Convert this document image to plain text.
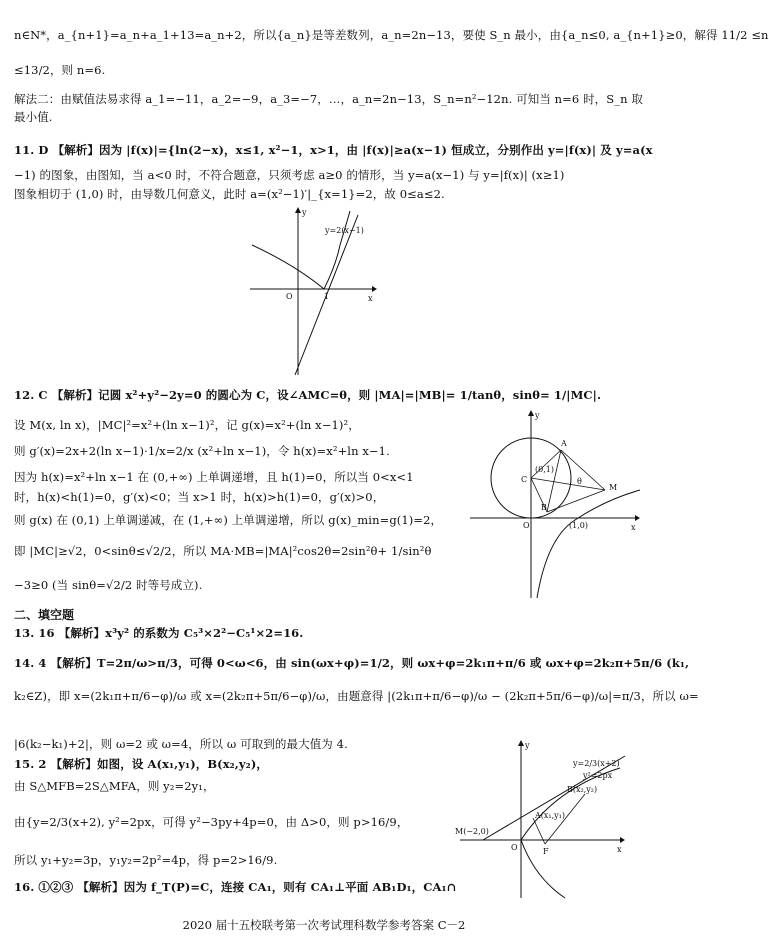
n∈N*，a_{n+1}=a_n+a_1+13=a_n+2，所以{a_n}是等差数列，a_n=2n−13，要使 S_n 最小，由{a_n≤0, a_{n+1}≥0，解得 11/2 ≤n
≤13/2，则 n=6.
解法二：由赋值法易求得 a_1=−11，a_2=−9，a_3=−7，…，a_n=2n−13，S_n=n²−12n. 可知当 n=6 时，S_n 取
最小值.
11. D 【解析】因为 |f(x)|={ln(2−x)，x≤1, x²−1，x>1，由 |f(x)|≥a(x−1) 恒成立，分别作出 y=|f(x)| 及 y=a(x
−1) 的图象，由图知，当 a<0 时，不符合题意，只须考虑 a≥0 的情形，当 y=a(x−1) 与 y=|f(x)| (x≥1)
图象相切于 (1,0) 时，由导数几何意义，此时 a=(x²−1)′|_{x=1}=2，故 0≤a≤2.
12. C 【解析】记圆 x²+y²−2y=0 的圆心为 C，设∠AMC=θ，则 |MA|=|MB|= 1/tanθ，sinθ= 1/|MC|.
设 M(x, ln x)，|MC|²=x²+(ln x−1)²，记 g(x)=x²+(ln x−1)²，
则 g′(x)=2x+2(ln x−1)·1/x=2/x (x²+ln x−1)，令 h(x)=x²+ln x−1.
因为 h(x)=x²+ln x−1 在 (0,+∞) 上单调递增，且 h(1)=0，所以当 0<x<1
时，h(x)<h(1)=0，g′(x)<0；当 x>1 时，h(x)>h(1)=0，g′(x)>0，
则 g(x) 在 (0,1) 上单调递减，在 (1,+∞) 上单调递增，所以 g(x)_min=g(1)=2，
即 |MC|≥√2，0<sinθ≤√2/2，所以 MA·MB=|MA|²cos2θ=2sin²θ+ 1/sin²θ
−3≥0 (当 sinθ=√2/2 时等号成立).
二、填空题
13. 16 【解析】x³y² 的系数为 C₅³×2²−C₅¹×2=16.
14. 4 【解析】T=2π/ω>π/3，可得 0<ω<6，由 sin(ωx+φ)=1/2，则 ωx+φ=2k₁π+π/6 或 ωx+φ=2k₂π+5π/6 (k₁,
k₂∈Z)，即 x=(2k₁π+π/6−φ)/ω 或 x=(2k₂π+5π/6−φ)/ω，由题意得 |(2k₁π+π/6−φ)/ω − (2k₂π+5π/6−φ)/ω|=π/3，所以 ω=
|6(k₂−k₁)+2|，则 ω=2 或 ω=4，所以 ω 可取到的最大值为 4.
15. 2 【解析】如图，设 A(x₁,y₁)，B(x₂,y₂)，
由 S△MFB=2S△MFA，则 y₂=2y₁，
由{y=2/3(x+2), y²=2px，可得 y²−3py+4p=0，由 Δ>0，则 p>16/9，
所以 y₁+y₂=3p，y₁y₂=2p²=4p，得 p=2>16/9.
16. ①②③ 【解析】因为 f_T(P)=C，连接 CA₁，则有 CA₁⊥平面 AB₁D₁，CA₁∩
y=2(x−1)
O	1	x
y
C
(0,1)
A
B
M
θ
O	(1,0)	x
y
y=2/3(x+2)
y²=2px
M(−2,0)
B(x₂,y₂)
A(x₁,y₁)
F
O	x
y
2020 届十五校联考第一次考试理科数学参考答案 C－2
